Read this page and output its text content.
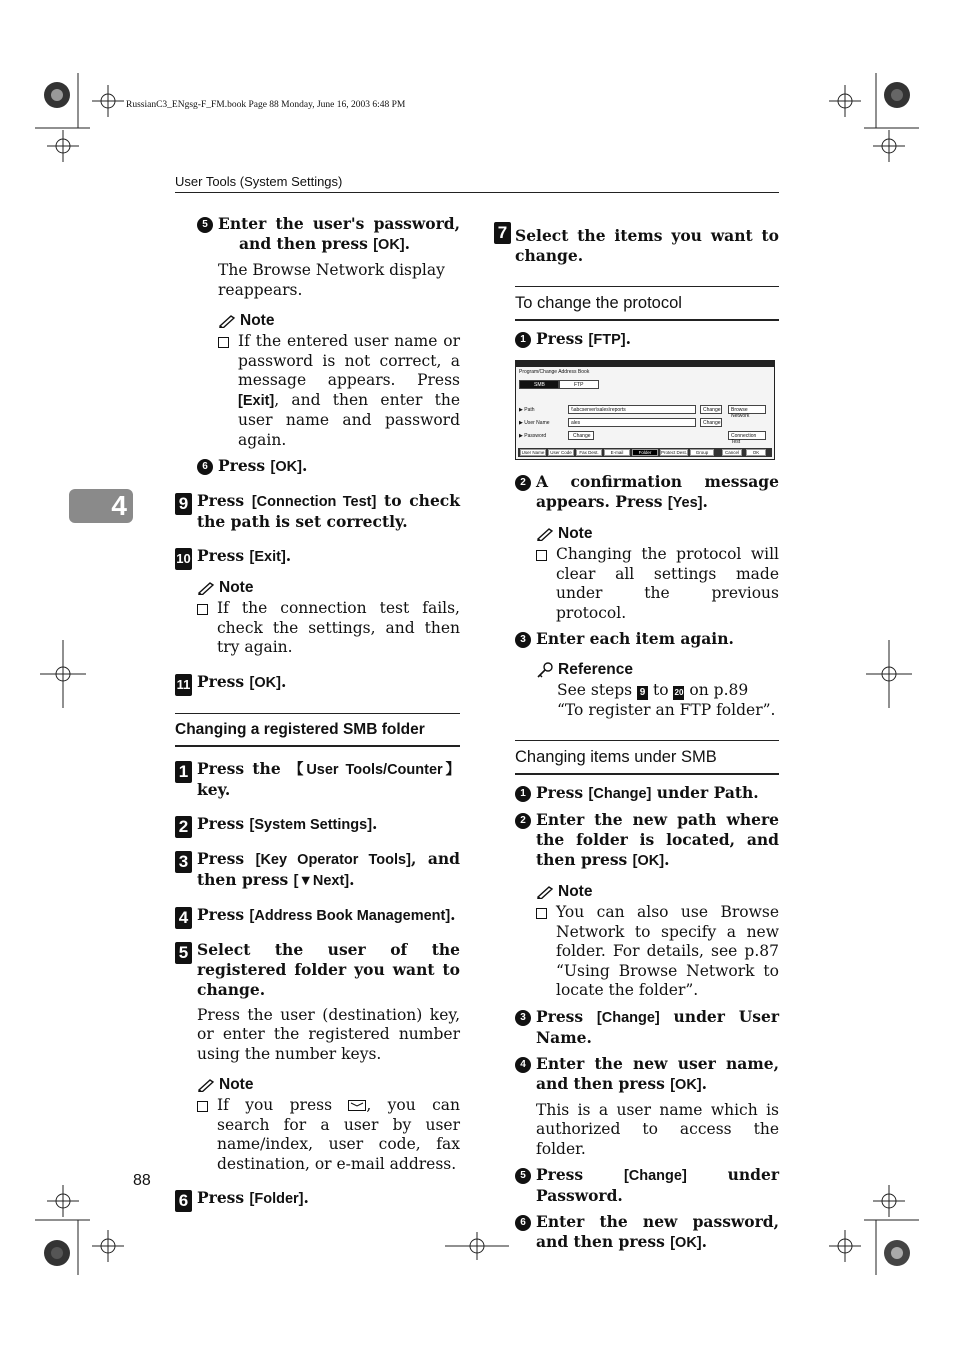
RussianC3_ENgsg-F_FM.book Page 88 Monday, June 16, 2003 6:48 PM
User Tools (System Settings)
4
88
5 Enter the user's password, and then press [OK].
The Browse Network display reappears.
Note
If the entered user name or password is not correct, a message appears. Press [Exit], and then enter the user name and password again.
6 Press [OK].
9 Press [Connection Test] to check the path is set correctly.
10 Press [Exit].
Note
If the connection test fails, check the settings, and then try again.
11 Press [OK].
Changing a registered SMB folder
1 Press the 【User Tools/Counter】 key.
2 Press [System Settings].
3 Press [Key Operator Tools], and then press [▼Next].
4 Press [Address Book Management].
5 Select the user of the registered folder you want to change.
Press the user (destination) key, or enter the registered number using the number keys.
Note
If you press , you can search for a user by user name/index, user code, fax destination, or e-mail address.
6 Press [Folder].
7 Select the items you want to change.
To change the protocol
1 Press [FTP].
Program/Change Address Book
SMB	FTP
▶ Path	\\abcserver\sales\reports	Change Browse Network
▶ User Name	ales	Change
▶ Password	Change	Connection Test
User Name	User Code	Fax Dest.	E-mail	Folder	Protect Dest.	Group	Cancel	OK
2 A confirmation message appears. Press [Yes].
Note
Changing the protocol will clear all settings made under the previous protocol.
3 Enter each item again.
Reference
See steps 9 to 20 on p.89 “To register an FTP folder”.
Changing items under SMB
1 Press [Change] under Path.
2 Enter the new path where the folder is located, and then press [OK].
Note
You can also use Browse Network to specify a new folder. For details, see p.87 “Using Browse Network to locate the folder”.
3 Press [Change] under User Name.
4 Enter the new user name, and then press [OK].
This is a user name which is authorized to access the folder.
5 Press [Change] under Password.
6 Enter the new password, and then press [OK].
